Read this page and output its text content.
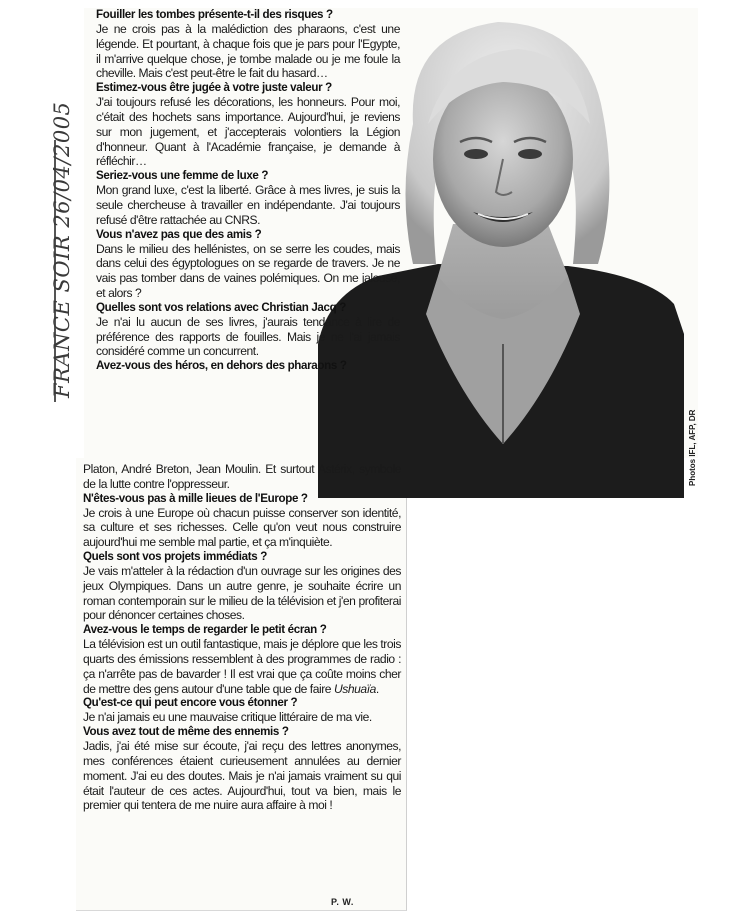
FRANCE SOIR 26/04/2005
Photos IFL, AFP, DR

Fouiller les tombes présente-t-il des risques ?

Je ne crois pas à la malédiction des pharaons, c'est une légende. Et pourtant, à chaque fois que je pars pour l'Egypte, il m'arrive quelque chose, je tombe malade ou je me foule la cheville. Mais c'est peut-être le fait du hasard…

Estimez-vous être jugée à votre juste valeur ?

J'ai toujours refusé les décorations, les honneurs. Pour moi, c'était des hochets sans importance. Aujourd'hui, je reviens sur mon jugement, et j'accepterais volontiers la Légion d'honneur. Quant à l'Académie française, je demande à réfléchir…

Seriez-vous une femme de luxe ?

Mon grand luxe, c'est la liberté. Grâce à mes livres, je suis la seule chercheuse à travailler en indépendante. J'ai toujours refusé d'être rattachée au CNRS.

Vous n'avez pas que des amis ?

Dans le milieu des hellénistes, on se serre les coudes, mais dans celui des égyptologues on se regarde de travers. Je ne vais pas tomber dans de vaines polémiques. On me jalouse, et alors ?

Quelles sont vos relations avec Christian Jacq ?

Je n'ai lu aucun de ses livres, j'aurais tendance à lire de préférence des rapports de fouilles. Mais je ne l'ai jamais considéré comme un concurrent.

Avez-vous des héros, en dehors des pharaons ?

Platon, André Breton, Jean Moulin. Et surtout Astérix, symbole de la lutte contre l'oppresseur.

N'êtes-vous pas à mille lieues de l'Europe ?

Je crois à une Europe où chacun puisse conserver son identité, sa culture et ses richesses. Celle qu'on veut nous construire aujourd'hui me semble mal partie, et ça m'inquiète.

Quels sont vos projets immédiats ?

Je vais m'atteler à la rédaction d'un ouvrage sur les origines des jeux Olympiques. Dans un autre genre, je souhaite écrire un roman contemporain sur le milieu de la télévision et j'en profiterai pour dénoncer certaines choses.

Avez-vous le temps de regarder le petit écran ?

La télévision est un outil fantastique, mais je déplore que les trois quarts des émissions ressemblent à des programmes de radio : ça n'arrête pas de bavarder ! Il est vrai que ça coûte moins cher de mettre des gens autour d'une table que de faire Ushuaïa.

Qu'est-ce qui peut encore vous étonner ?

Je n'ai jamais eu une mauvaise critique littéraire de ma vie.

Vous avez tout de même des ennemis ?

Jadis, j'ai été mise sur écoute, j'ai reçu des lettres anonymes, mes conférences étaient curieusement annulées au dernier moment. J'ai eu des doutes. Mais je n'ai jamais vraiment su qui était l'auteur de ces actes. Aujourd'hui, tout va bien, mais le premier qui tentera de me nuire aura affaire à moi !

P. W.
